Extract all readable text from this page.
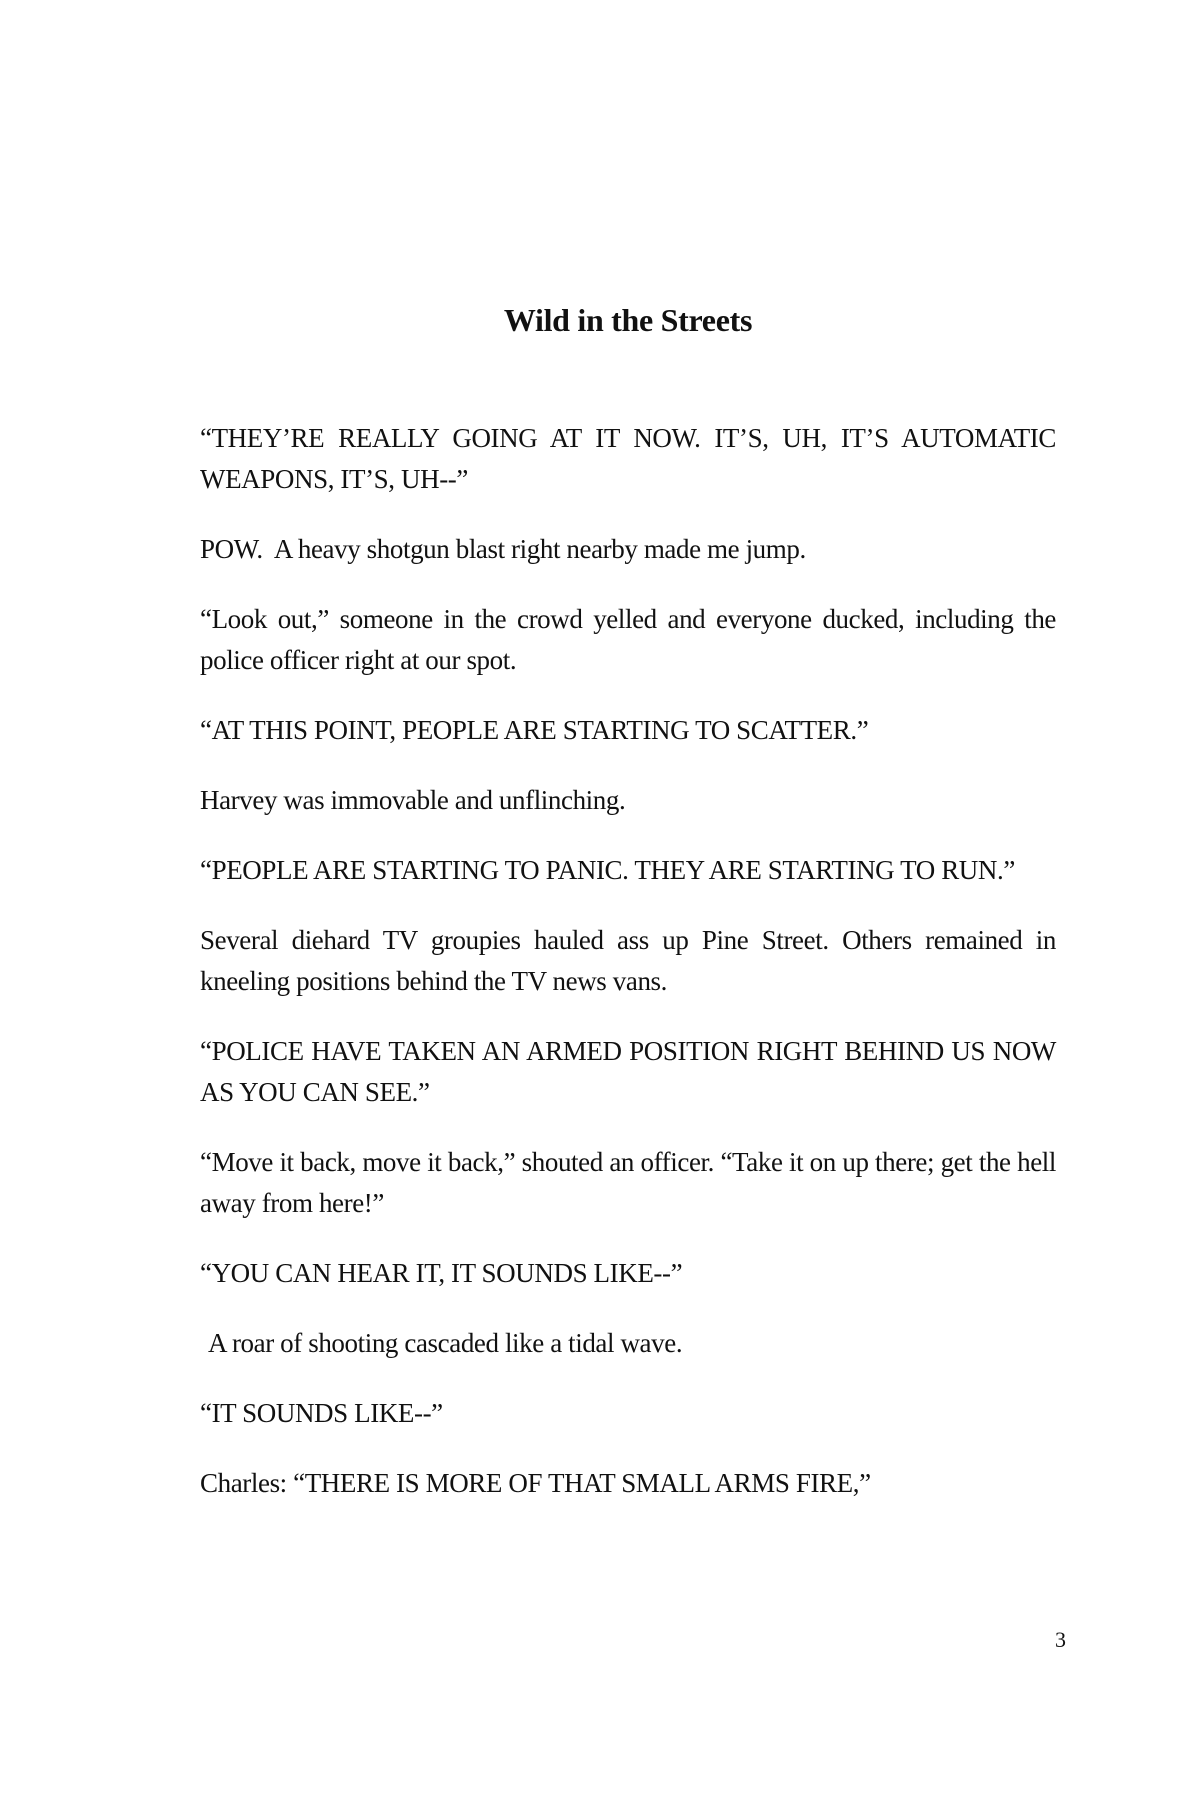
Wild in the Streets

“THEY’RE REALLY GOING AT IT NOW. IT’S, UH, IT’S AUTOMATIC WEAPONS, IT’S, UH--”

POW.  A heavy shotgun blast right nearby made me jump.

“Look out,” someone in the crowd yelled and everyone ducked, including the police officer right at our spot.

“AT THIS POINT, PEOPLE ARE STARTING TO SCATTER.”

Harvey was immovable and unflinching.

“PEOPLE ARE STARTING TO PANIC. THEY ARE STARTING TO RUN.”

Several diehard TV groupies hauled ass up Pine Street. Others remained in kneeling positions behind the TV news vans.

“POLICE HAVE TAKEN AN ARMED POSITION RIGHT BEHIND US NOW AS YOU CAN SEE.”

“Move it back, move it back,” shouted an officer. “Take it on up there; get the hell away from here!”

“YOU CAN HEAR IT, IT SOUNDS LIKE--”

A roar of shooting cascaded like a tidal wave.

“IT SOUNDS LIKE--”

Charles: “THERE IS MORE OF THAT SMALL ARMS FIRE,”

3
